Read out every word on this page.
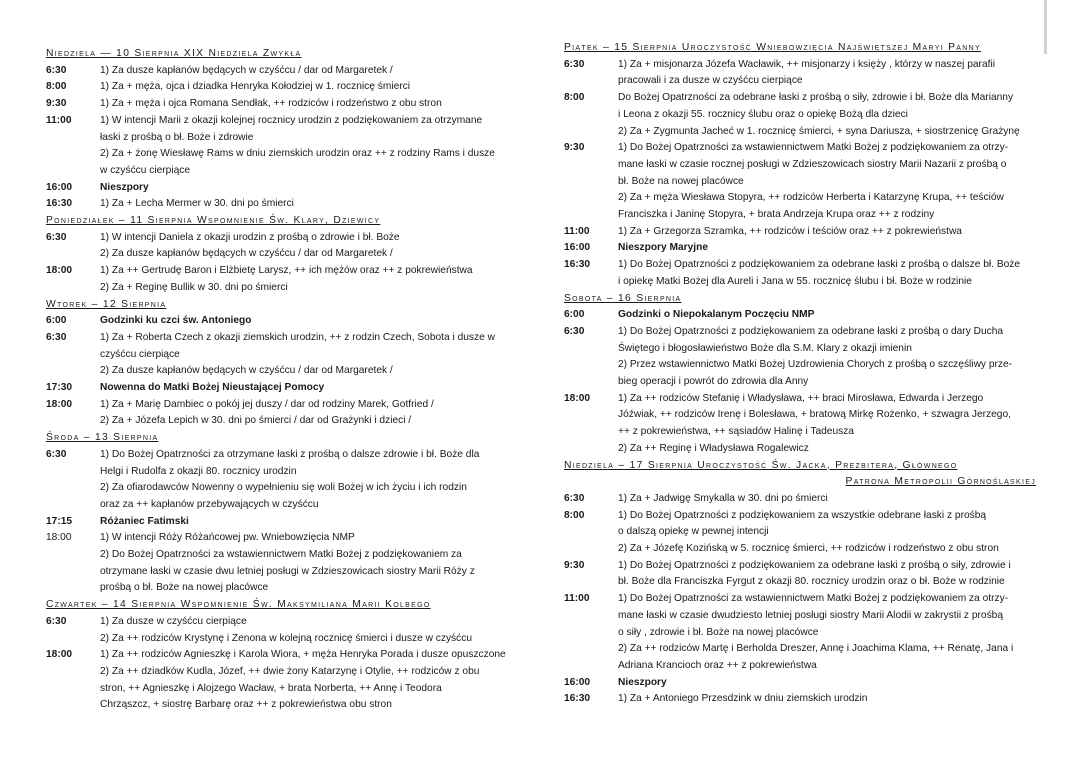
Niedziela — 10 Sierpnia XIX Niedziela Zwykła
6:30	1) Za dusze kapłanów będących w czyśćcu / dar od Margaretek /
8:00	1) Za + męża, ojca i dziadka Henryka Kołodziej w 1. rocznicę śmierci
9:30	1) Za + męża i ojca Romana Sendłak, ++ rodziców i rodzeństwo z obu stron
11:00	1) W intencji Marii z okazji kolejnej rocznicy urodzin z podziękowaniem za otrzymane
łaski z prośbą o bł. Boże i zdrowie
2) Za + żonę Wiesławę Rams w dniu ziemskich urodzin oraz ++ z rodziny Rams i dusze
w czyśćcu cierpiące
16:00	Nieszpory
16:30	1) Za + Lecha Mermer w 30. dni po śmierci
Poniedziałek – 11 Sierpnia Wspomnienie Św. Klary, Dziewicy
6:30	1) W intencji Daniela z okazji urodzin z prośbą o zdrowie i bł. Boże
2) Za dusze kapłanów będących w czyśćcu / dar od Margaretek /
18:00	1) Za ++ Gertrudę Baron i Elżbietę Larysz, ++ ich mężów oraz ++ z pokrewieństwa
2) Za + Reginę Bullik w 30. dni po śmierci
Wtorek – 12 Sierpnia
6:00	Godzinki ku czci św. Antoniego
6:30	1) Za + Roberta Czech z okazji ziemskich urodzin, ++ z rodzin Czech, Sobota i dusze w
czyśćcu cierpiące
2) Za dusze kapłanów będących w czyśćcu / dar od Margaretek /
17:30	Nowenna do Matki Bożej Nieustającej Pomocy
18:00	1) Za + Marię Dambiec o pokój jej duszy / dar od rodziny Marek, Gotfried /
2) Za + Józefa Lepich w 30. dni po śmierci / dar od Grażynki i dzieci /
Środa – 13 Sierpnia
6:30	1) Do Bożej Opatrzności za otrzymane łaski z prośbą o dalsze zdrowie i bł. Boże dla
Helgi i Rudolfa z okazji 80. rocznicy urodzin
2) Za ofiarodawców Nowenny o wypełnieniu się woli Bożej w ich życiu i ich rodzin
oraz za ++ kapłanów przebywających w czyśćcu
17:15	Różaniec Fatimski
18:00	1) W intencji Róży Różańcowej pw. Wniebowzięcia NMP
2) Do Bożej Opatrzności za wstawiennictwem Matki Bożej z podziękowaniem za
otrzymane łaski w czasie dwu letniej posługi w Zdzieszowicach siostry Marii Róży z
prośbą o bł. Boże na nowej placówce
Czwartek – 14 Sierpnia Wspomnienie Św. Maksymiliana Marii Kolbego
6:30	1) Za dusze w czyśćcu cierpiące
2) Za ++ rodziców Krystynę i Zenona w kolejną rocznicę śmierci i dusze w czyśćcu
18:00	1) Za ++ rodziców Agnieszkę i Karola Wiora, + męża Henryka Porada i dusze opuszczone
2) Za ++ dziadków Kudla, Józef, ++ dwie żony Katarzynę i Otylie, ++ rodziców z obu
stron, ++ Agnieszkę i Alojzego Wacław, + brata Norberta, ++ Annę i Teodora
Chrząszcz, + siostrę Barbarę oraz ++ z pokrewieństwa obu stron
Piątek – 15 Sierpnia Uroczystość Wniebowzięcia Najświętszej Maryi Panny
6:30	1) Za + misjonarza Józefa Wacławik, ++ misjonarzy i księży , którzy w naszej parafii
pracowali i za dusze w czyśćcu cierpiące
8:00	Do Bożej Opatrzności za odebrane łaski z prośbą o siły, zdrowie i bł. Boże dla Marianny
i Leona z okazji 55. rocznicy ślubu oraz o opiekę Bożą dla dzieci
2) Za + Zygmunta Jacheć w 1. rocznicę śmierci, + syna Dariusza, + siostrzenicę Grażynę
9:30	1) Do Bożej Opatrzności za wstawiennictwem Matki Bożej z podziękowaniem za otrzy-
mane łaski w czasie rocznej posługi w Zdzieszowicach siostry Marii Nazarii z prośbą o
bł. Boże na nowej placówce
2) Za + męża Wiesława Stopyra, ++ rodziców Herberta i Katarzynę Krupa, ++ teściów
Franciszka i Janinę Stopyra, + brata Andrzeja Krupa oraz ++ z rodziny
11:00	1) Za + Grzegorza Szramka, ++ rodziców i teściów oraz ++ z pokrewieństwa
16:00	Nieszpory Maryjne
16:30	1) Do Bożej Opatrzności z podziękowaniem za odebrane łaski z prośbą o dalsze bł. Boże
i opiekę Matki Bożej dla Aureli i Jana w 55. rocznicę ślubu i bł. Boże w rodzinie
Sobota – 16 Sierpnia
6:00	Godzinki o Niepokalanym Poczęciu NMP
6:30	1) Do Bożej Opatrzności z podziękowaniem za odebrane łaski z prośbą o dary Ducha
Świętego i błogosławieństwo Boże dla S.M. Klary z okazji imienin
2) Przez wstawiennictwo Matki Bożej Uzdrowienia Chorych z prośbą o szczęśliwy prze-
bieg operacji i powrót do zdrowia dla Anny
18:00	1) Za ++ rodziców Stefanię i Władysława, ++ braci Mirosława, Edwarda i Jerzego
Jóźwiak, ++ rodziców Irenę i Bolesława, + bratową Mirkę Rożenko, + szwagra Jerzego,
++ z pokrewieństwa, ++ sąsiadów Halinę i Tadeusza
2) Za ++ Reginę i Władysława Rogalewicz
Niedziela – 17 Sierpnia Uroczystość Św. Jacka, Prezbitera, Głównego
Patrona Metropolii Górnośląskiej
6:30	1) Za + Jadwigę Smykalla w 30. dni po śmierci
8:00	1) Do Bożej Opatrzności z podziękowaniem za wszystkie odebrane łaski z prośbą
o dalszą opiekę w pewnej intencji
2) Za + Józefę Kozińską w 5. rocznicę śmierci, ++ rodziców i rodzeństwo z obu stron
9:30	1) Do Bożej Opatrzności z podziękowaniem za odebrane łaski z prośbą o siły, zdrowie i
bł. Boże dla Franciszka Fyrgut z okazji 80. rocznicy urodzin oraz o bł. Boże w rodzinie
11:00	1) Do Bożej Opatrzności za wstawiennictwem Matki Bożej z podziękowaniem za otrzy-
mane łaski w czasie dwudziesto letniej posługi siostry Marii Alodii w zakrystii z prośbą
o siły , zdrowie i bł. Boże na nowej placówce
2) Za ++ rodziców Martę i Berholda Dreszer, Annę i Joachima Klama, ++ Renatę, Jana i
Adriana Krancioch oraz ++ z pokrewieństwa
16:00	Nieszpory
16:30	1) Za + Antoniego Przesdzink w dniu ziemskich urodzin
